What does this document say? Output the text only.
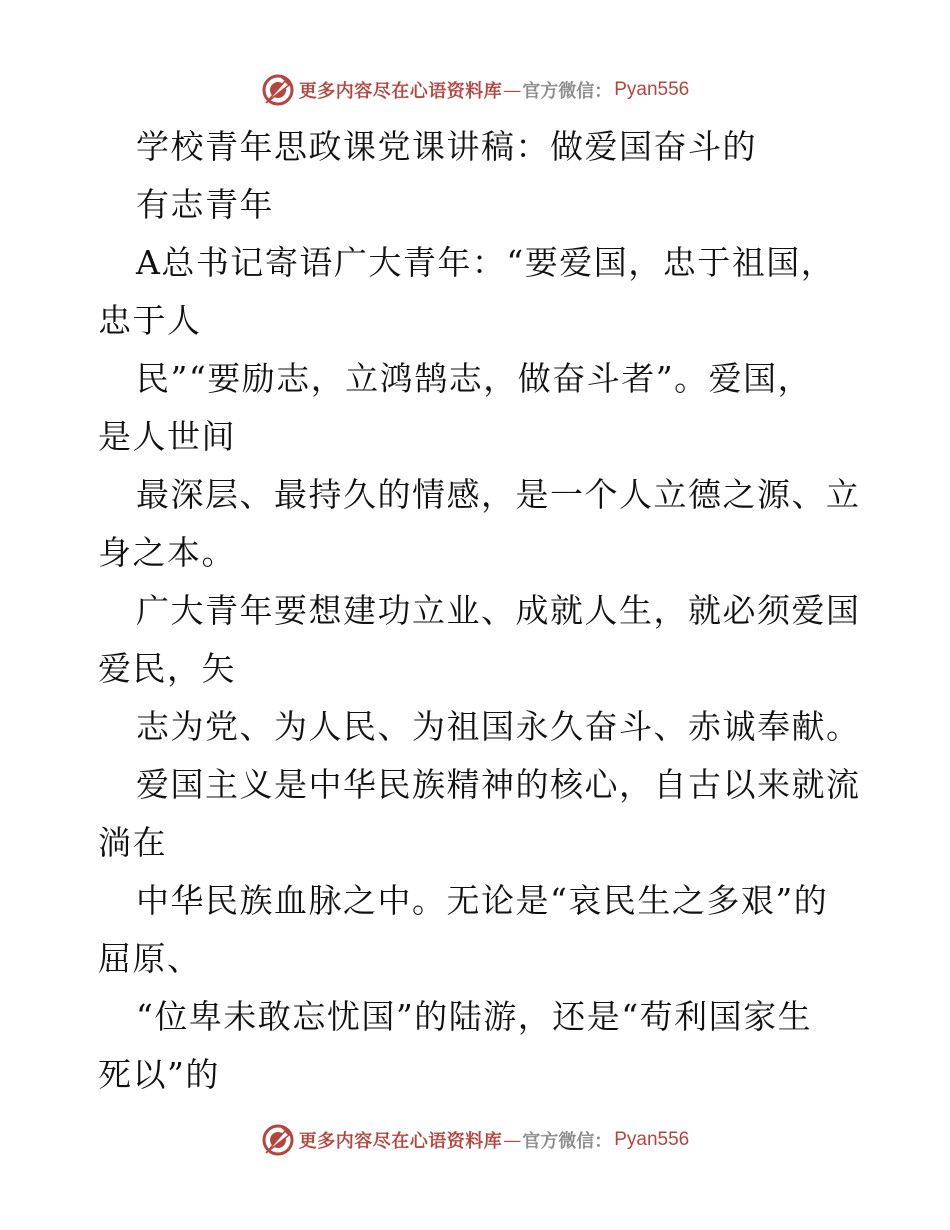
更多内容尽在心语资料库 — 官方微信： Pyan556
学校青年思政课党课讲稿：做爱国奋斗的
有志青年
A总书记寄语广大青年：“要爱国，忠于祖国，
忠于人
民”“要励志，立鸿鹄志，做奋斗者”。爱国，
是人世间
最深层、最持久的情感，是一个人立德之源、立
身之本。
广大青年要想建功立业、成就人生，就必须爱国
爱民，矢
志为党、为人民、为祖国永久奋斗、赤诚奉献。
爱国主义是中华民族精神的核心，自古以来就流
淌在
中华民族血脉之中。无论是“哀民生之多艰”的
屈原、
“位卑未敢忘忧国”的陆游，还是“苟利国家生
死以”的
更多内容尽在心语资料库 — 官方微信： Pyan556
